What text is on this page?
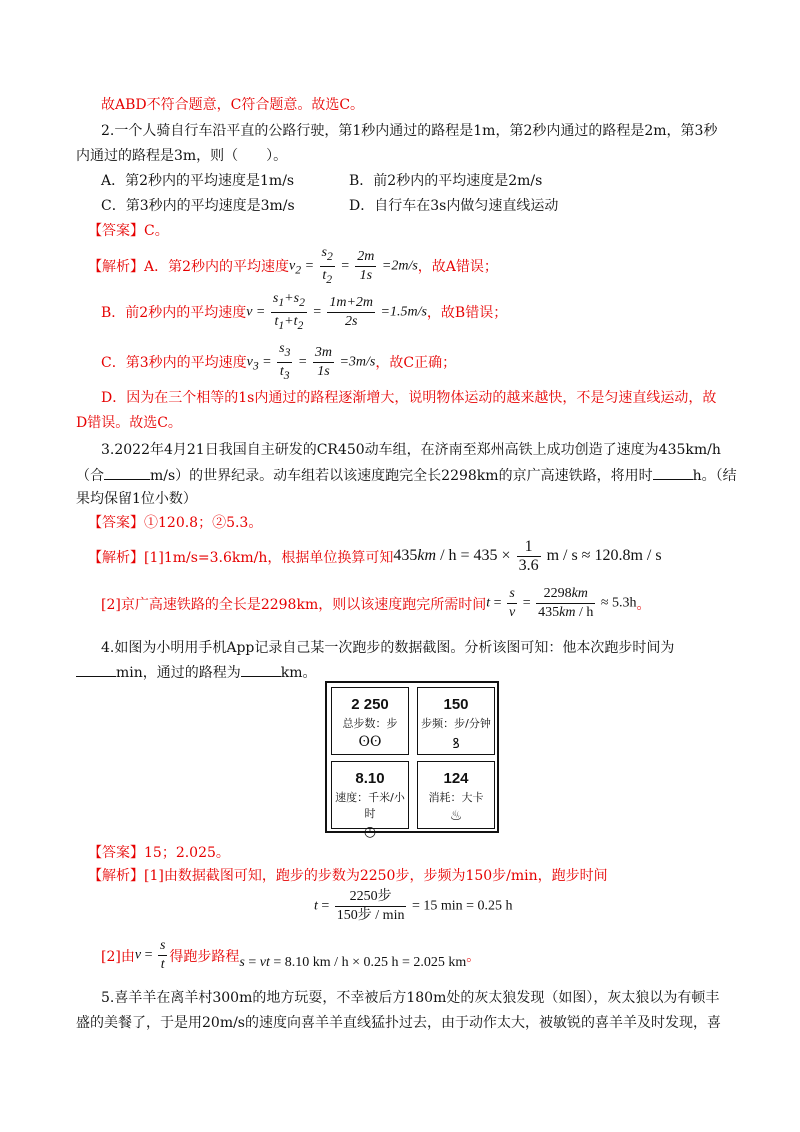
故ABD不符合题意，C符合题意。故选C。
2.一个人骑自行车沿平直的公路行驶，第1秒内通过的路程是1m，第2秒内通过的路程是2m，第3秒
内通过的路程是3m，则（　　）。
A．第2秒内的平均速度是1m/s	B．前2秒内的平均速度是2m/s
C．第3秒内的平均速度是3m/s	D．自行车在3s内做匀速直线运动
【答案】C。
【解析】 A．第2秒内的平均速度 $v_2 = \frac{s_2}{t_2} = \frac{2m}{1s} =2m/s$ ，故A错误；
B．前2秒内的平均速度 $v = \frac{s_1+s_2}{t_1+t_2} = \frac{1m+2m}{2s} =1.5m/s$ ，故B错误；
C．第3秒内的平均速度 $v_3 = \frac{s_3}{t_3} = \frac{3m}{1s} =3m/s$ ，故C正确；
D．因为在三个相等的1s内通过的路程逐渐增大，说明物体运动的越来越快，不是匀速直线运动，故
D错误。故选C。
3.2022年4月21日我国自主研发的CR450动车组，在济南至郑州高铁上成功创造了速度为435km/h
（合	m/s）的世界纪录。动车组若以该速度跑完全长2298km的京广高速铁路，将用时	h。（结
果均保留1位小数）
【答案】①120.8；②5.3。
【解析】 [1]1m/s=3.6km/h，根据单位换算可知 $435km / h = 435 \times \frac{1}{3.6}$ m / s ≈ 120.8m / s
[2]京广高速铁路的全长是2298km，则以该速度跑完所需时间 $t = \frac{s}{v} = \frac{2298km}{435km / h} \approx 5.3h$ 。
4.如图为小明用手机App记录自己某一次跑步的数据截图。分析该图可知：他本次跑步时间为
min，通过的路程为	km。
2 250
总步数：步
ʘʘ
150
步频：步/分钟
ꝸ
8.10
速度：千米/小时
◷
124
消耗：大卡
♨
【答案】15；2.025。
【解析】[1]由数据截图可知，跑步的步数为2250步，步频为150步/min，跑步时间
$t = \frac{\text{2250步}}{\text{150步 / min}} = 15$ min = 0.25 h
[2]由 $v = \frac{s}{t}$ 得跑步路程 s = vt = 8.10 km / h × 0.25 h = 2.025 km 。
5.喜羊羊在离羊村300m的地方玩耍，不幸被后方180m处的灰太狼发现（如图），灰太狼以为有顿丰
盛的美餐了，于是用20m/s的速度向喜羊羊直线猛扑过去，由于动作太大，被敏锐的喜羊羊及时发现，喜
